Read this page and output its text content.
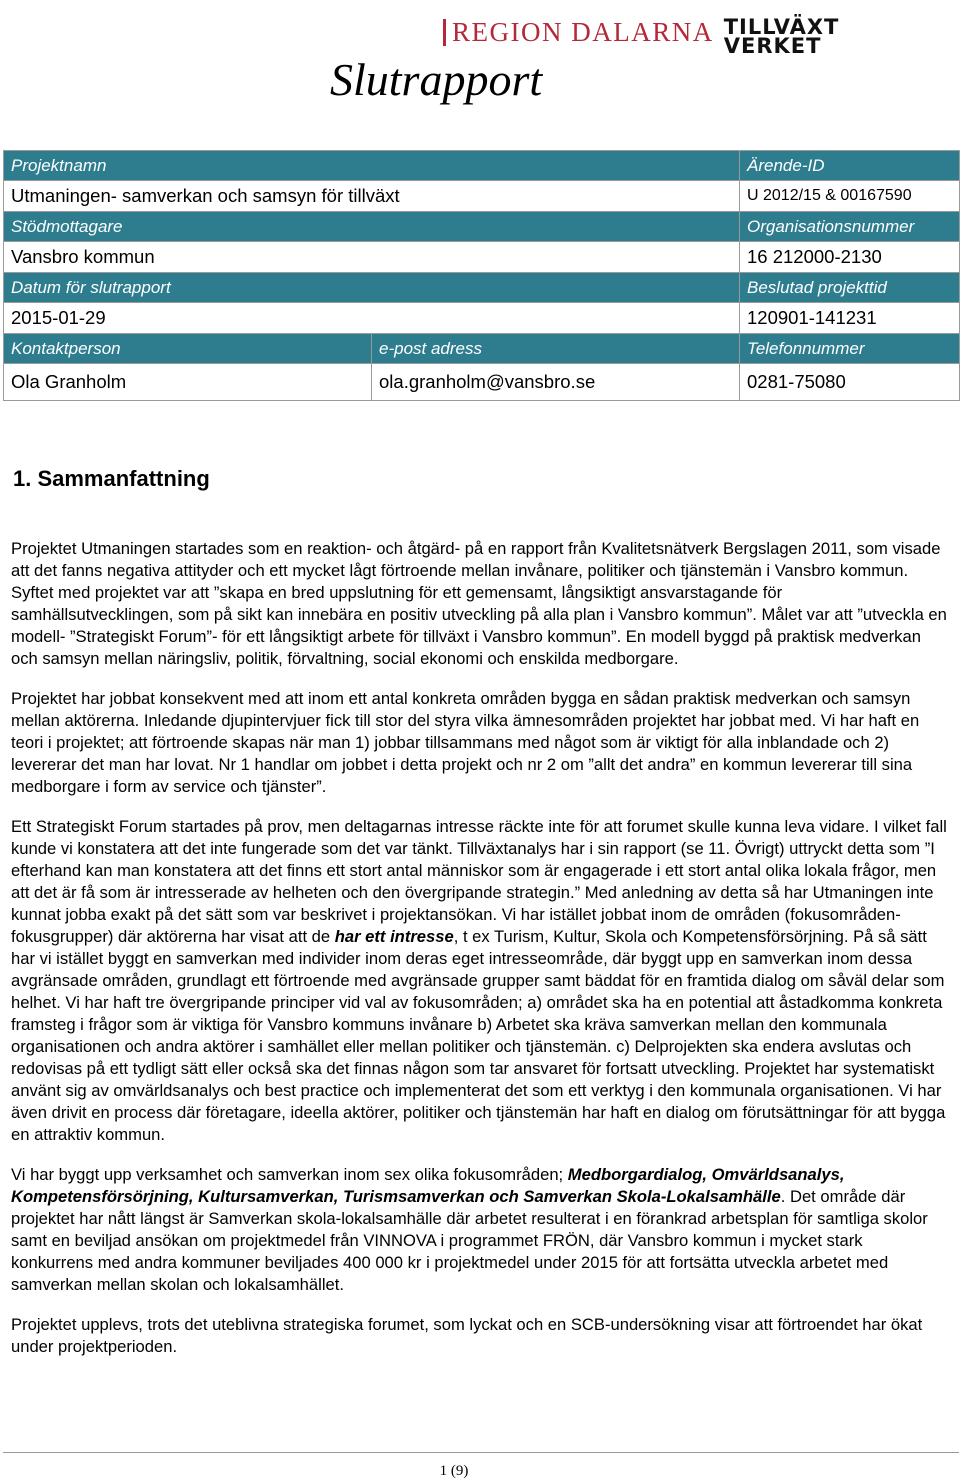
REGION DALARNA TILLVÄXT
VERKET
Slutrapport
Projektnamn		Ärende-ID
Utmaningen- samverkan och samsyn för tillväxt		U 2012/15 & 00167590
Stödmottagare		Organisationsnummer
Vansbro kommun		16 212000-2130
Datum för slutrapport		Beslutad projekttid
2015-01-29		120901-141231
Kontaktperson	e-post adress	Telefonnummer
Ola Granholm	ola.granholm@vansbro.se	0281-75080
1. Sammanfattning

Projektet Utmaningen startades som en reaktion- och åtgärd- på en rapport från Kvalitetsnätverk Bergslagen 2011, som visade att det fanns negativa attityder och ett mycket lågt förtroende mellan invånare, politiker och tjänstemän i Vansbro kommun. Syftet med projektet var att ”skapa en bred uppslutning för ett gemensamt, långsiktigt ansvarstagande för samhällsutvecklingen, som på sikt kan innebära en positiv utveckling på alla plan i Vansbro kommun”. Målet var att ”utveckla en modell- ”Strategiskt Forum”- för ett långsiktigt arbete för tillväxt i Vansbro kommun”. En modell byggd på praktisk medverkan och samsyn mellan näringsliv, politik, förvaltning, social ekonomi och enskilda medborgare.

Projektet har jobbat konsekvent med att inom ett antal konkreta områden bygga en sådan praktisk medverkan och samsyn mellan aktörerna. Inledande djupintervjuer fick till stor del styra vilka ämnesområden projektet har jobbat med. Vi har haft en teori i projektet; att förtroende skapas när man 1) jobbar tillsammans med något som är viktigt för alla inblandade och 2) levererar det man har lovat. Nr 1 handlar om jobbet i detta projekt och nr 2 om ”allt det andra” en kommun levererar till sina medborgare i form av service och tjänster”.

Ett Strategiskt Forum startades på prov, men deltagarnas intresse räckte inte för att forumet skulle kunna leva vidare. I vilket fall kunde vi konstatera att det inte fungerade som det var tänkt. Tillväxtanalys har i sin rapport (se 11. Övrigt) uttryckt detta som ”I efterhand kan man konstatera att det finns ett stort antal människor som är engagerade i ett stort antal olika lokala frågor, men att det är få som är intresserade av helheten och den övergripande strategin.” Med anledning av detta så har Utmaningen inte kunnat jobba exakt på det sätt som var beskrivet i projektansökan. Vi har istället jobbat inom de områden (fokusområden-fokusgrupper) där aktörerna har visat att de har ett intresse, t ex Turism, Kultur, Skola och Kompetensförsörjning. På så sätt har vi istället byggt en samverkan med individer inom deras eget intresseområde, där byggt upp en samverkan inom dessa avgränsade områden, grundlagt ett förtroende med avgränsade grupper samt bäddat för en framtida dialog om såväl delar som helhet. Vi har haft tre övergripande principer vid val av fokusområden; a) området ska ha en potential att åstadkomma konkreta framsteg i frågor som är viktiga för Vansbro kommuns invånare b) Arbetet ska kräva samverkan mellan den kommunala organisationen och andra aktörer i samhället eller mellan politiker och tjänstemän. c) Delprojekten ska endera avslutas och redovisas på ett tydligt sätt eller också ska det finnas någon som tar ansvaret för fortsatt utveckling. Projektet har systematiskt använt sig av omvärldsanalys och best practice och implementerat det som ett verktyg i den kommunala organisationen. Vi har även drivit en process där företagare, ideella aktörer, politiker och tjänstemän har haft en dialog om förutsättningar för att bygga en attraktiv kommun.

Vi har byggt upp verksamhet och samverkan inom sex olika fokusområden; Medborgardialog, Omvärldsanalys, Kompetensförsörjning, Kultursamverkan, Turismsamverkan och Samverkan Skola-Lokalsamhälle. Det område där projektet har nått längst är Samverkan skola-lokalsamhälle där arbetet resulterat i en förankrad arbetsplan för samtliga skolor samt en beviljad ansökan om projektmedel från VINNOVA i programmet FRÖN, där Vansbro kommun i mycket stark konkurrens med andra kommuner beviljades 400 000 kr i projektmedel under 2015 för att fortsätta utveckla arbetet med samverkan mellan skolan och lokalsamhället.

Projektet upplevs, trots det uteblivna strategiska forumet, som lyckat och en SCB-undersökning visar att förtroendet har ökat under projektperioden.

1 (9)
